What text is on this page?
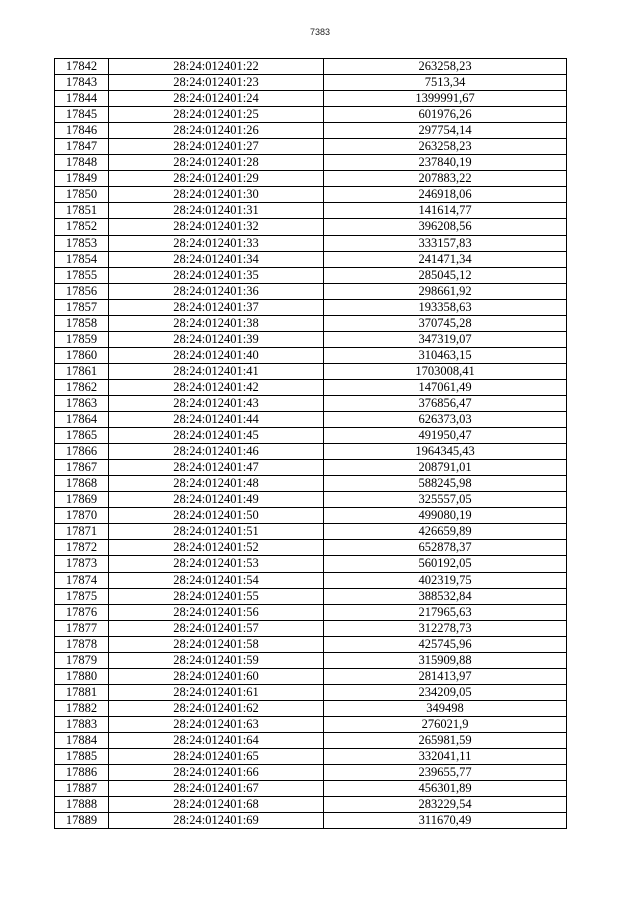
7383
17842	28:24:012401:22	263258,23
17843	28:24:012401:23	7513,34
17844	28:24:012401:24	1399991,67
17845	28:24:012401:25	601976,26
17846	28:24:012401:26	297754,14
17847	28:24:012401:27	263258,23
17848	28:24:012401:28	237840,19
17849	28:24:012401:29	207883,22
17850	28:24:012401:30	246918,06
17851	28:24:012401:31	141614,77
17852	28:24:012401:32	396208,56
17853	28:24:012401:33	333157,83
17854	28:24:012401:34	241471,34
17855	28:24:012401:35	285045,12
17856	28:24:012401:36	298661,92
17857	28:24:012401:37	193358,63
17858	28:24:012401:38	370745,28
17859	28:24:012401:39	347319,07
17860	28:24:012401:40	310463,15
17861	28:24:012401:41	1703008,41
17862	28:24:012401:42	147061,49
17863	28:24:012401:43	376856,47
17864	28:24:012401:44	626373,03
17865	28:24:012401:45	491950,47
17866	28:24:012401:46	1964345,43
17867	28:24:012401:47	208791,01
17868	28:24:012401:48	588245,98
17869	28:24:012401:49	325557,05
17870	28:24:012401:50	499080,19
17871	28:24:012401:51	426659,89
17872	28:24:012401:52	652878,37
17873	28:24:012401:53	560192,05
17874	28:24:012401:54	402319,75
17875	28:24:012401:55	388532,84
17876	28:24:012401:56	217965,63
17877	28:24:012401:57	312278,73
17878	28:24:012401:58	425745,96
17879	28:24:012401:59	315909,88
17880	28:24:012401:60	281413,97
17881	28:24:012401:61	234209,05
17882	28:24:012401:62	349498
17883	28:24:012401:63	276021,9
17884	28:24:012401:64	265981,59
17885	28:24:012401:65	332041,11
17886	28:24:012401:66	239655,77
17887	28:24:012401:67	456301,89
17888	28:24:012401:68	283229,54
17889	28:24:012401:69	311670,49
